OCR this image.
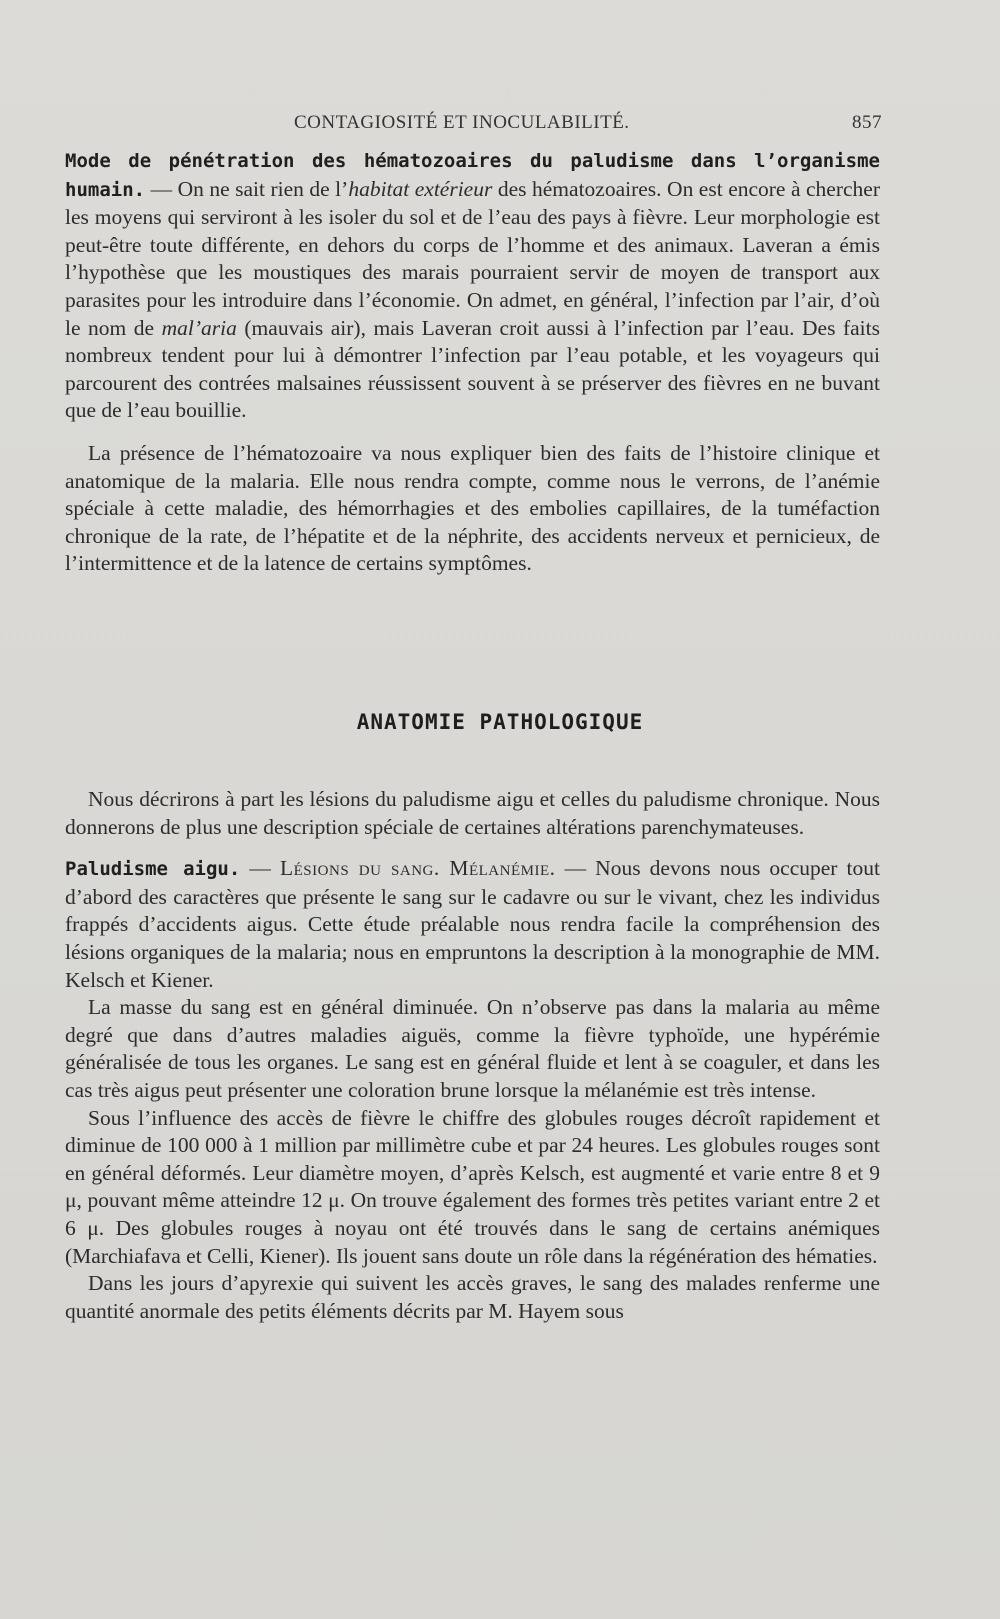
CONTAGIOSITÉ ET INOCULABILITÉ.	857

Mode de pénétration des hématozoaires du paludisme dans l’organisme humain. — On ne sait rien de l’habitat extérieur des hématozoaires. On est encore à chercher les moyens qui serviront à les isoler du sol et de l’eau des pays à fièvre. Leur morphologie est peut-être toute différente, en dehors du corps de l’homme et des animaux. Laveran a émis l’hypothèse que les moustiques des marais pourraient servir de moyen de transport aux parasites pour les introduire dans l’économie. On admet, en général, l’infection par l’air, d’où le nom de mal’aria (mauvais air), mais Laveran croit aussi à l’infection par l’eau. Des faits nombreux tendent pour lui à démontrer l’infection par l’eau potable, et les voyageurs qui parcourent des contrées malsaines réussissent souvent à se préserver des fièvres en ne buvant que de l’eau bouillie.

La présence de l’hématozoaire va nous expliquer bien des faits de l’histoire clinique et anatomique de la malaria. Elle nous rendra compte, comme nous le verrons, de l’anémie spéciale à cette maladie, des hémorrhagies et des embolies capillaires, de la tuméfaction chronique de la rate, de l’hépatite et de la néphrite, des accidents nerveux et pernicieux, de l’intermittence et de la latence de certains symptômes.

ANATOMIE PATHOLOGIQUE

Nous décrirons à part les lésions du paludisme aigu et celles du paludisme chronique. Nous donnerons de plus une description spéciale de certaines altérations parenchymateuses.

Paludisme aigu. — Lésions du sang. Mélanémie. — Nous devons nous occuper tout d’abord des caractères que présente le sang sur le cadavre ou sur le vivant, chez les individus frappés d’accidents aigus. Cette étude préalable nous rendra facile la compréhension des lésions organiques de la malaria; nous en empruntons la description à la monographie de MM. Kelsch et Kiener.

La masse du sang est en général diminuée. On n’observe pas dans la malaria au même degré que dans d’autres maladies aiguës, comme la fièvre typhoïde, une hypérémie généralisée de tous les organes. Le sang est en général fluide et lent à se coaguler, et dans les cas très aigus peut présenter une coloration brune lorsque la mélanémie est très intense.

Sous l’influence des accès de fièvre le chiffre des globules rouges décroît rapidement et diminue de 100 000 à 1 million par millimètre cube et par 24 heures. Les globules rouges sont en général déformés. Leur diamètre moyen, d’après Kelsch, est augmenté et varie entre 8 et 9 μ, pouvant même atteindre 12 μ. On trouve également des formes très petites variant entre 2 et 6 μ. Des globules rouges à noyau ont été trouvés dans le sang de certains anémiques (Marchiafava et Celli, Kiener). Ils jouent sans doute un rôle dans la régénération des hématies.

Dans les jours d’apyrexie qui suivent les accès graves, le sang des malades renferme une quantité anormale des petits éléments décrits par M. Hayem sous
